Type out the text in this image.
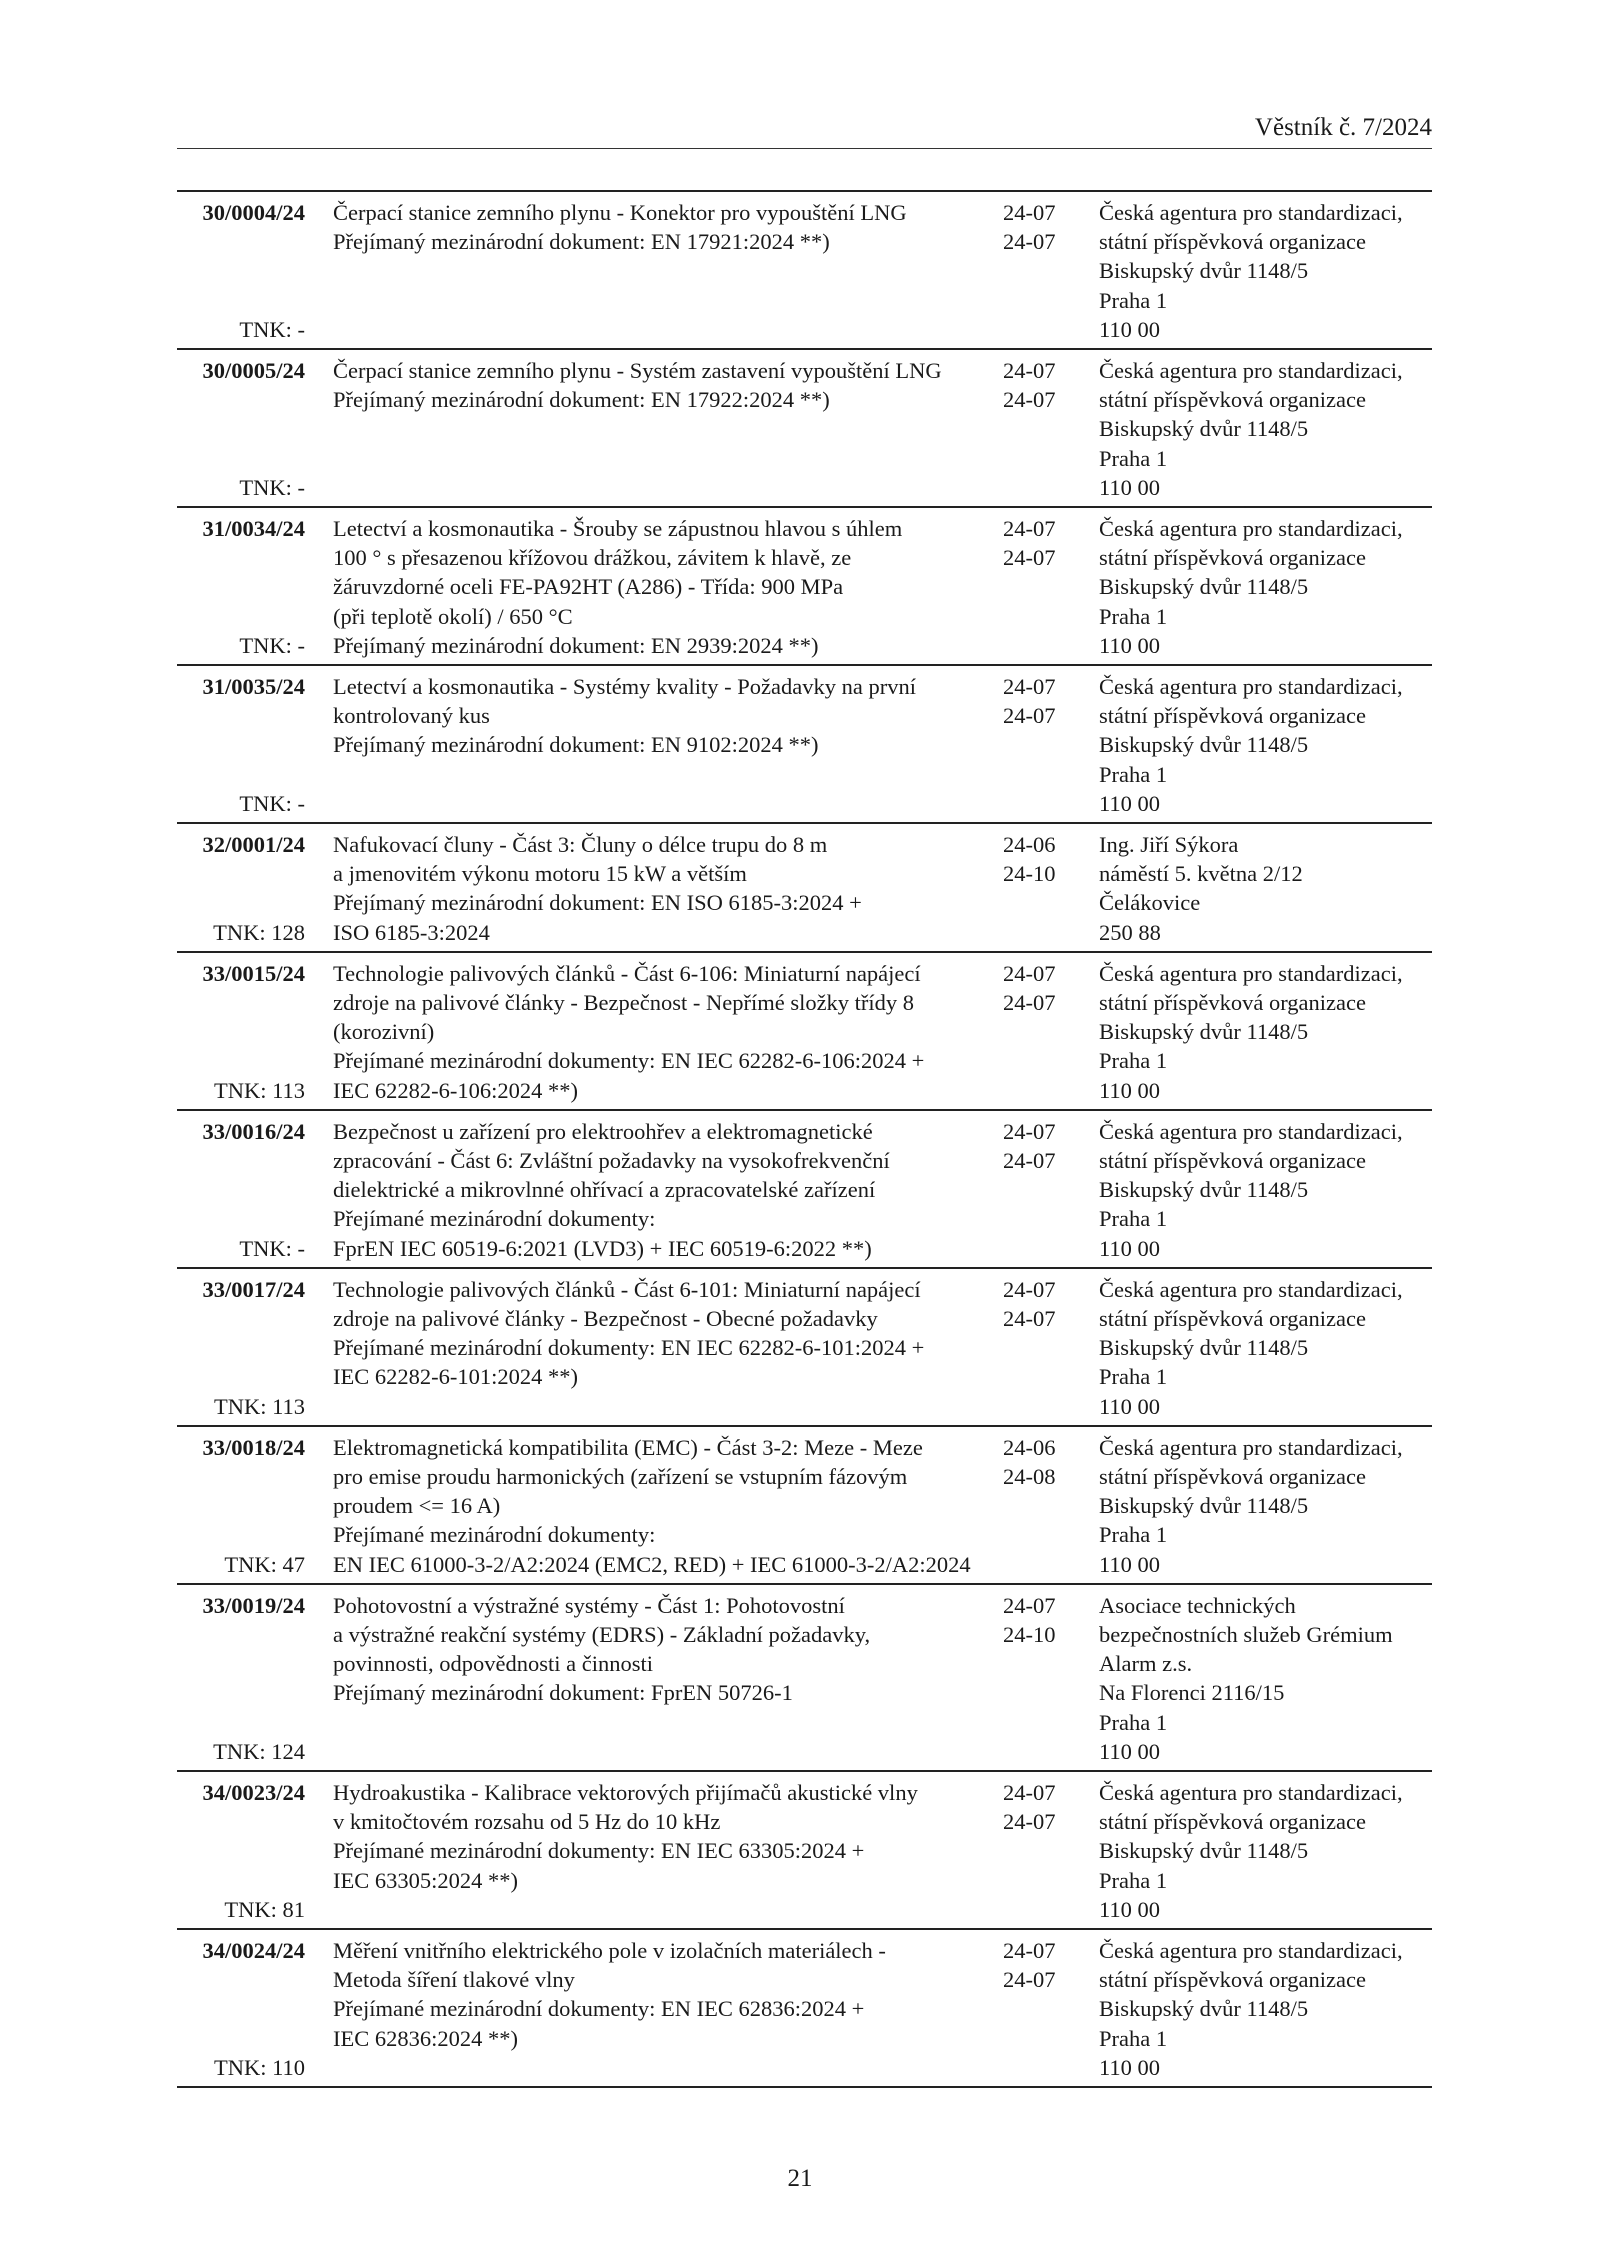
Věstník č. 7/2024
30/0004/24 Čerpací stanice zemního plynu - Konektor pro vypouštění LNG
Přejímaný mezinárodní dokument: EN 17921:2024 **)
24-07
24-07
Česká agentura pro standardizaci,
státní příspěvková organizace
Biskupský dvůr 1148/5
Praha 1
110 00
TNK: -
30/0005/24 Čerpací stanice zemního plynu - Systém zastavení vypouštění LNG
Přejímaný mezinárodní dokument: EN 17922:2024 **)
24-07
24-07
Česká agentura pro standardizaci,
státní příspěvková organizace
Biskupský dvůr 1148/5
Praha 1
110 00
TNK: -
31/0034/24 Letectví a kosmonautika - Šrouby se zápustnou hlavou s úhlem
100 ° s přesazenou křížovou drážkou, závitem k hlavě, ze
žáruvzdorné oceli FE-PA92HT (A286) - Třída: 900 MPa
(při teplotě okolí) / 650 °C
Přejímaný mezinárodní dokument: EN 2939:2024 **)
24-07
24-07
Česká agentura pro standardizaci,
státní příspěvková organizace
Biskupský dvůr 1148/5
Praha 1
110 00
TNK: -
31/0035/24 Letectví a kosmonautika - Systémy kvality - Požadavky na první
kontrolovaný kus
Přejímaný mezinárodní dokument: EN 9102:2024 **)
24-07
24-07
Česká agentura pro standardizaci,
státní příspěvková organizace
Biskupský dvůr 1148/5
Praha 1
110 00
TNK: -
32/0001/24 Nafukovací čluny - Část 3: Čluny o délce trupu do 8 m
a jmenovitém výkonu motoru 15 kW a větším
Přejímaný mezinárodní dokument: EN ISO 6185-3:2024 +
ISO 6185-3:2024
24-06
24-10
Ing. Jiří Sýkora
náměstí 5. května 2/12
Čelákovice
250 88
TNK: 128
33/0015/24 Technologie palivových článků - Část 6-106: Miniaturní napájecí
zdroje na palivové články - Bezpečnost - Nepřímé složky třídy 8
(korozivní)
Přejímané mezinárodní dokumenty: EN IEC 62282-6-106:2024 +
IEC 62282-6-106:2024 **)
24-07
24-07
Česká agentura pro standardizaci,
státní příspěvková organizace
Biskupský dvůr 1148/5
Praha 1
110 00
TNK: 113
33/0016/24 Bezpečnost u zařízení pro elektroohřev a elektromagnetické
zpracování - Část 6: Zvláštní požadavky na vysokofrekvenční
dielektrické a mikrovlnné ohřívací a zpracovatelské zařízení
Přejímané mezinárodní dokumenty:
FprEN IEC 60519-6:2021 (LVD3) + IEC 60519-6:2022 **)
24-07
24-07
Česká agentura pro standardizaci,
státní příspěvková organizace
Biskupský dvůr 1148/5
Praha 1
110 00
TNK: -
33/0017/24 Technologie palivových článků - Část 6-101: Miniaturní napájecí
zdroje na palivové články - Bezpečnost - Obecné požadavky
Přejímané mezinárodní dokumenty: EN IEC 62282-6-101:2024 +
IEC 62282-6-101:2024 **)
24-07
24-07
Česká agentura pro standardizaci,
státní příspěvková organizace
Biskupský dvůr 1148/5
Praha 1
110 00
TNK: 113
33/0018/24 Elektromagnetická kompatibilita (EMC) - Část 3-2: Meze - Meze
pro emise proudu harmonických (zařízení se vstupním fázovým
proudem <= 16 A)
Přejímané mezinárodní dokumenty:
EN IEC 61000-3-2/A2:2024 (EMC2, RED) + IEC 61000-3-2/A2:2024
24-06
24-08
Česká agentura pro standardizaci,
státní příspěvková organizace
Biskupský dvůr 1148/5
Praha 1
110 00
TNK: 47
33/0019/24 Pohotovostní a výstražné systémy - Část 1: Pohotovostní
a výstražné reakční systémy (EDRS) - Základní požadavky,
povinnosti, odpovědnosti a činnosti
Přejímaný mezinárodní dokument: FprEN 50726-1
24-07
24-10
Asociace technických
bezpečnostních služeb Grémium
Alarm z.s.
Na Florenci 2116/15
Praha 1
110 00
TNK: 124
34/0023/24 Hydroakustika - Kalibrace vektorových přijímačů akustické vlny
v kmitočtovém rozsahu od 5 Hz do 10 kHz
Přejímané mezinárodní dokumenty: EN IEC 63305:2024 +
IEC 63305:2024 **)
24-07
24-07
Česká agentura pro standardizaci,
státní příspěvková organizace
Biskupský dvůr 1148/5
Praha 1
110 00
TNK: 81
34/0024/24 Měření vnitřního elektrického pole v izolačních materiálech -
Metoda šíření tlakové vlny
Přejímané mezinárodní dokumenty: EN IEC 62836:2024 +
IEC 62836:2024 **)
24-07
24-07
Česká agentura pro standardizaci,
státní příspěvková organizace
Biskupský dvůr 1148/5
Praha 1
110 00
TNK: 110
21
